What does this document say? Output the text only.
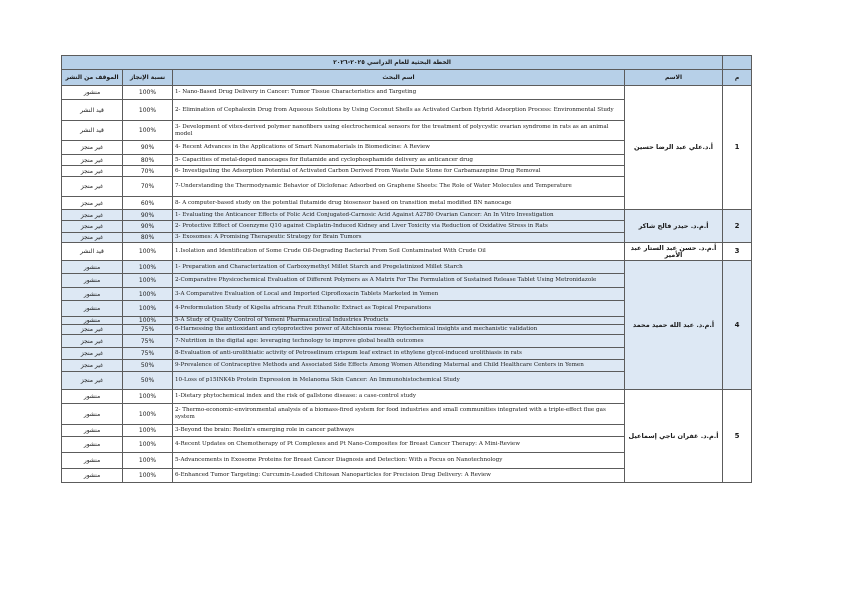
الخطة البحثية للعام الدراسي ٢٠٢٥-٢٠٢٦				
الموقف من النشر	نسبة الإنجاز	اسم البحث	الاسم	م
منشور	100%	1- Nano-Based Drug Delivery in Cancer: Tumor Tissue Characteristics and Targeting	أ.د.علي عبد الرضا حسين	1
قيد النشر	100%	2- Elimination of Cephalexin Drug from Aqueous Solutions by Using Coconut Shells as Activated Carbon Hybrid Adsorption Process: Environmental Study		
قيد النشر	100%	3- Development of vitex-derived polymer nanofibers using electrochemical sensors for the treatment of polycystic ovarian syndrome in rats as an animal model		
غير منجز	90%	4- Recent Advances in the Applications of Smart Nanomaterials in Biomedicine: A Review		
غير منجز	80%	5- Capacities of metal-doped nanocages for flutamide and cyclophosphamide delivery as anticancer drug		
غير منجز	70%	6- Investigating the Adsorption Potential of Activated Carbon Derived From Waste Date Stone for Carbamazepine Drug Removal		
غير منجز	70%	7-Understanding the Thermodynamic Behavior of Diclofenac Adsorbed on Graphene Sheets: The Role of Water Molecules and Temperature		
غير منجز	60%	8- A computer-based study on the potential flutamide drug biosensor based on transition metal modified BN nanocage		
غير منجز	90%	1- Evaluating the Anticancer Effects of Folic Acid Conjugated-Carnosic Acid Against A2780 Ovarian Cancer: An In Vitro Investigation	أ.م.د. حيدر فالح شاكر	2
غير منجز	90%	2- Protective Effect of Coenzyme Q10 against Cisplatin-Induced Kidney and Liver Toxicity via Reduction of Oxidative Stress in Rats		
غير منجز	80%	3- Exosomes: A Promising Therapeutic Strategy for Brain Tumors		
قيد النشر	100%	1.Isolation and Identification of Some Crude Oil-Degrading Bacterial From Soil Contaminated With Crude Oil	أ.م.د. حسن عبد الستار عبد الأمير	3
منشور	100%	1- Preparation and Characterization of Carboxymethyl Millet Starch and Pregelatinized Millet Starch	أ.م.د. عبد الله حميد محمد	4
منشور	100%	2-Comparative Physicochemical Evaluation of Different Polymers as A Matrix For The Formulation of Sustained Release Tablet Using Metronidazole		
منشور	100%	3-A Comparative Evaluation of Local and Imported Ciprofloxacin Tablets Marketed in Yemen		
منشور	100%	4-Preformulation Study of Kigelia africana Fruit Ethanolic Extract as Topical Preparations		
منشور	100%	5-A Study of Quality Control of Yemeni Pharmaceutical Industries Products		
غير منجز	75%	6-Harnessing the antioxidant and cytoprotective power of Aitchisonia rosea: Phytochemical insights and mechanistic validation		
غير منجز	75%	7-Nutrition in the digital age: leveraging technology to improve global health outcomes		
غير منجز	75%	8-Evaluation of anti-urolithiatic activity of Petroselinum crispum leaf extract in ethylene glycol-induced urolithiasis in rats		
غير منجز	50%	9-Prevalence of Contraceptive Methods and Associated Side Effects Among Women Attending Maternal and Child Healthcare Centers in Yemen		
غير منجز	50%	10-Loss of p15INK4b Protein Expression in Melanoma Skin Cancer: An Immunohistochemical Study		
منشور	100%	1-Dietary phytochemical index and the risk of gallstone disease: a case-control study	أ.م.د. غفران ناجي إسماعيل	5
منشور	100%	2- Thermo-economic-environmental analysis of a biomass-fired system for food industries and small communities integrated with a triple-effect flue gas system		
منشور	100%	3-Beyond the brain: Reelin's emerging role in cancer pathways		
منشور	100%	4-Recent Updates on Chemotherapy of Pt Complexes and Pt Nano-Composites for Breast Cancer Therapy: A Mini-Review		
منشور	100%	5-Advancements in Exosome Proteins for Breast Cancer Diagnosis and Detection: With a Focus on Nanotechnology		
منشور	100%	6-Enhanced Tumor Targeting: Curcumin-Loaded Chitosan Nanoparticles for Precision Drug Delivery: A Review		
